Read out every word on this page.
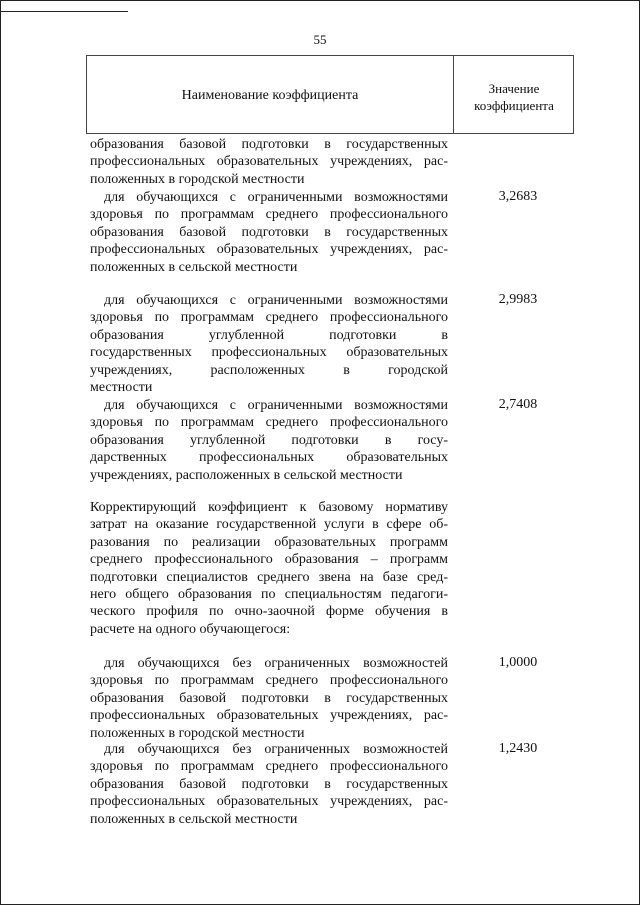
55
Наименование коэффициента	Значение
коэффициента
образования базовой подготовки в государственных
профессиональных образовательных учреждениях, рас-
положенных в городской местности
для обучающихся с ограниченными возможностями
здоровья по программам среднего профессионального
образования базовой подготовки в государственных
профессиональных образовательных учреждениях, рас-
положенных в сельской местности
3,2683
для обучающихся с ограниченными возможностями
здоровья по программам среднего профессионального
образования углубленной подготовки в
государственных профессиональных образовательных
учреждениях, расположенных в городской
местности
2,9983
для обучающихся с ограниченными возможностями
здоровья по программам среднего профессионального
образования углубленной подготовки в госу-
дарственных профессиональных образовательных
учреждениях, расположенных в сельской местности
2,7408
Корректирующий коэффициент к базовому нормативу
затрат на оказание государственной услуги в сфере об-
разования по реализации образовательных программ
среднего профессионального образования – программ
подготовки специалистов среднего звена на базе сред-
него общего образования по специальностям педагоги-
ческого профиля по очно-заочной форме обучения в
расчете на одного обучающегося:
для обучающихся без ограниченных возможностей
здоровья по программам среднего профессионального
образования базовой подготовки в государственных
профессиональных образовательных учреждениях, рас-
положенных в городской местности
1,0000
для обучающихся без ограниченных возможностей
здоровья по программам среднего профессионального
образования базовой подготовки в государственных
профессиональных образовательных учреждениях, рас-
положенных в сельской местности
1,2430
